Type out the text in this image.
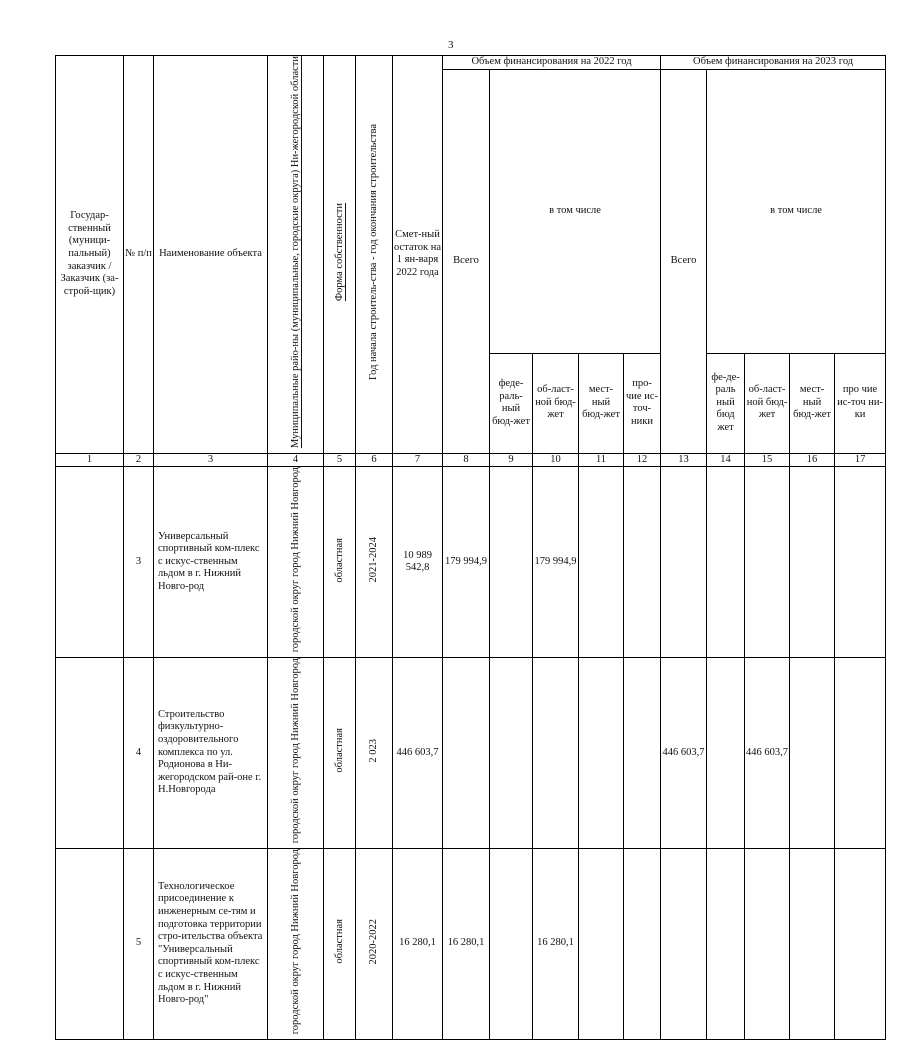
3
Государ-ственный (муници-пальный) заказчик / Заказчик (за-строй-щик)	№ п/п	Наименование объекта	Муниципальные райо-ны (муниципальные, городские округа) Ни-жегородской области	Форма собственности	Год начала строитель-ства - год окончания строительства	Смет-ный остаток на 1 ян-варя 2022 года	Объем финансирования на 2022 год					Объем финансирования на 2023 год				
							Всего	в том числе				Всего	в том числе			
								феде-раль-ный бюд-жет	об-ласт-ной бюд-жет	мест-ный бюд-жет	про-чие ис-точ-ники		фе-де-раль ный бюд жет	об-ласт-ной бюд-жет	мест-ный бюд-жет	про чие ис-точ ни-ки
1	2	3	4	5	6	7	8	9	10	11	12	13	14	15	16	17
	3	Универсальный спортивный ком-плекс с искус-ственным льдом в г. Нижний Новго-род	городской округ город Нижний Новгород	областная	2021-2024	10 989 542,8	179 994,9		179 994,9							
	4	Строительство физкультурно-оздоровительного комплекса по ул. Родионова в Ни-жегородском рай-оне г. Н.Новгорода	городской округ город Нижний Новгород	областная	2 023	446 603,7						446 603,7		446 603,7		
	5	Технологическое присоединение к инженерным се-тям и подготовка территории стро-ительства объекта "Универсальный спортивный ком-плекс с искус-ственным льдом в г. Нижний Новго-род"	городской округ город Нижний Новгород	областная	2020-2022	16 280,1	16 280,1		16 280,1							
